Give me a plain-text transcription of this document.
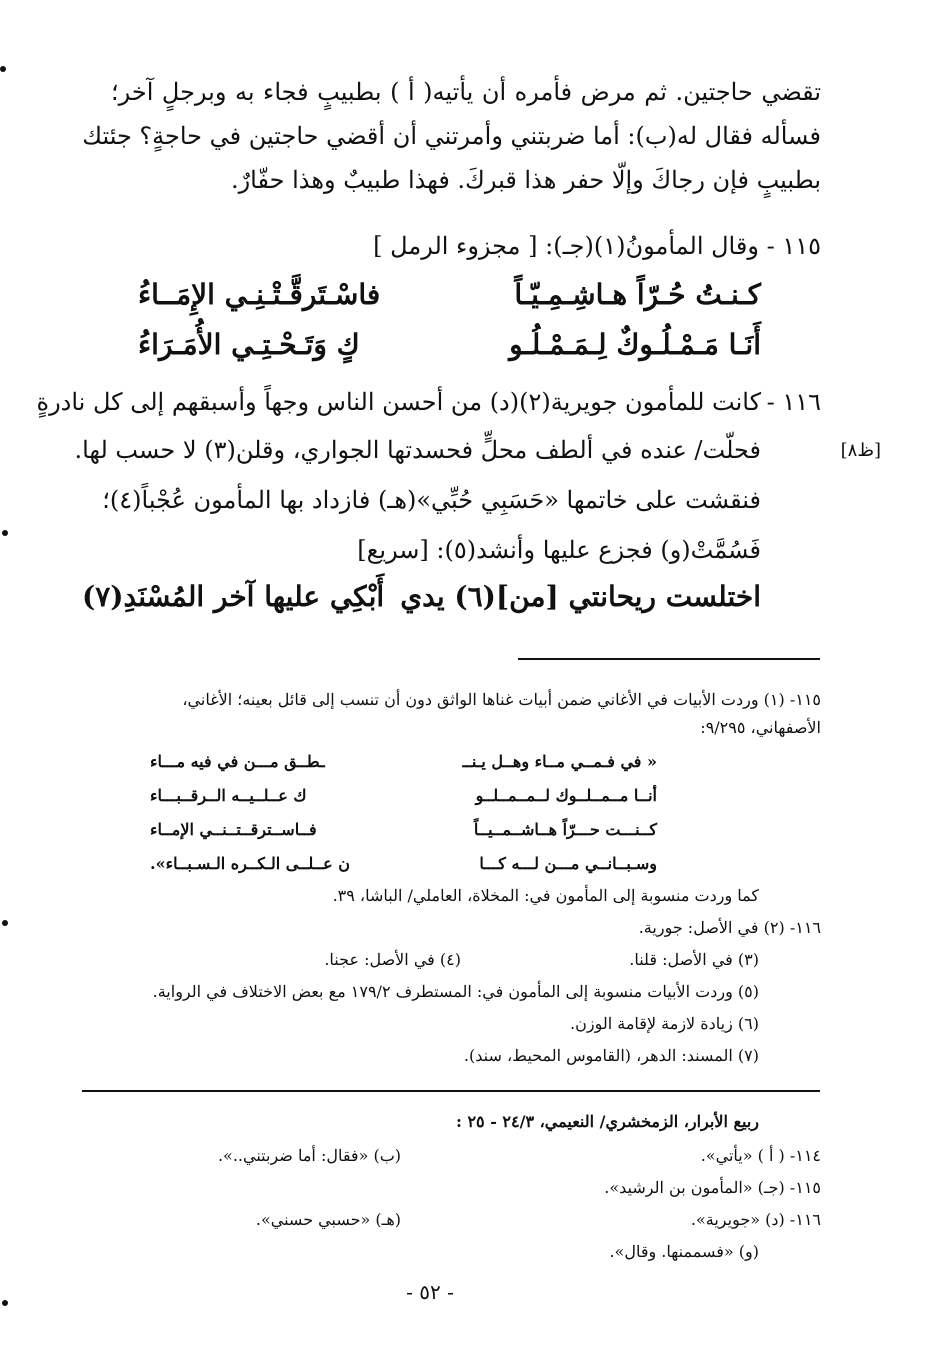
تقضي حاجتين. ثم مرض فأمره أن يأتيه( أ ) بطبيبٍ فجاء به وبرجلٍ آخر؛
فسأله فقال له(ب): أما ضربتني وأمرتني أن أقضي حاجتين في حاجةٍ؟ جئتك
بطبيبٍ فإن رجاكَ وإلّا حفر هذا قبركَ. فهذا طبيبٌ وهذا حفّارٌ.
١١٥ - وقال المأمونُ(١)(جـ): [ مجزوء الرمل ]
كـنـتُ حُـرّاً هـاشِـمِـيّـاً
فاسْـتَرقَّـتْـنِـي الإِمَــاءُ
أَنَـا مَـمْـلُـوكٌ لِـمَـمْـلُـو
كٍ وَتَـحْـتِـي الأُمَـرَاءُ
١١٦ -
كانت للمأمون جويرية(٢)(د) من أحسن الناس وجهاً وأسبقهم إلى كل نادرةٍ
فحلّت/ عنده في ألطف محلٍّ فحسدتها الجواري، وقلن(٣) لا حسب لها.
فنقشت على خاتمها «حَسَبِي حُبِّي»(هـ) فازداد بها المأمون عُجْباً(٤)؛
فَسُمَّتْ(و) فجزع عليها وأنشد(٥): [سريع]
اختلست ريحانتي [من](٦) يدي
أَبْكِي عليها آخر المُسْنَدِ(٧)
[ظ٨]
١١٥- (١) وردت الأبيات في الأغاني ضمن أبيات غناها الواثق دون أن تنسب إلى قائل بعينه؛ الأغاني،
الأصفهاني، ٩/٢٩٥:
« في فـمــي مــاء وهــل يـنــ
ـطــق مـــن في فيه مـــاء
أنــا مــمــلــوك لــمــمــلــو
ك عــلــيــه الــرقــبـــاء
كــنـــت حـــرّاً هــاشــمــيــاً
فــاســترقــتــنــي الإمــاء
وسـبــانــي مـــن لـــه كـــا
ن عــلــى الـكــره الـسـبــاء».
كما وردت منسوبة إلى المأمون في: المخلاة، العاملي/ الباشا، ٣٩.
١١٦- (٢) في الأصل: جورية.
(٣) في الأصل: قلنا.
(٤) في الأصل: عجنا.
(٥) وردت الأبيات منسوبة إلى المأمون في: المستطرف ١٧٩/٢ مع بعض الاختلاف في الرواية.
(٦) زيادة لازمة لإقامة الوزن.
(٧) المسند: الدهر، (القاموس المحيط، سند).
ربيع الأبرار، الزمخشري/ النعيمي، ٢٤/٣ - ٢٥ :
١١٤- ( أ ) «يأتي».
(ب) «فقال: أما ضربتني..».
١١٥- (جـ) «المأمون بن الرشيد».
١١٦- (د) «جويرية».
(هـ) «حسبي حسني».
(و) «فسممنها. وقال».
- ٥٢ -
